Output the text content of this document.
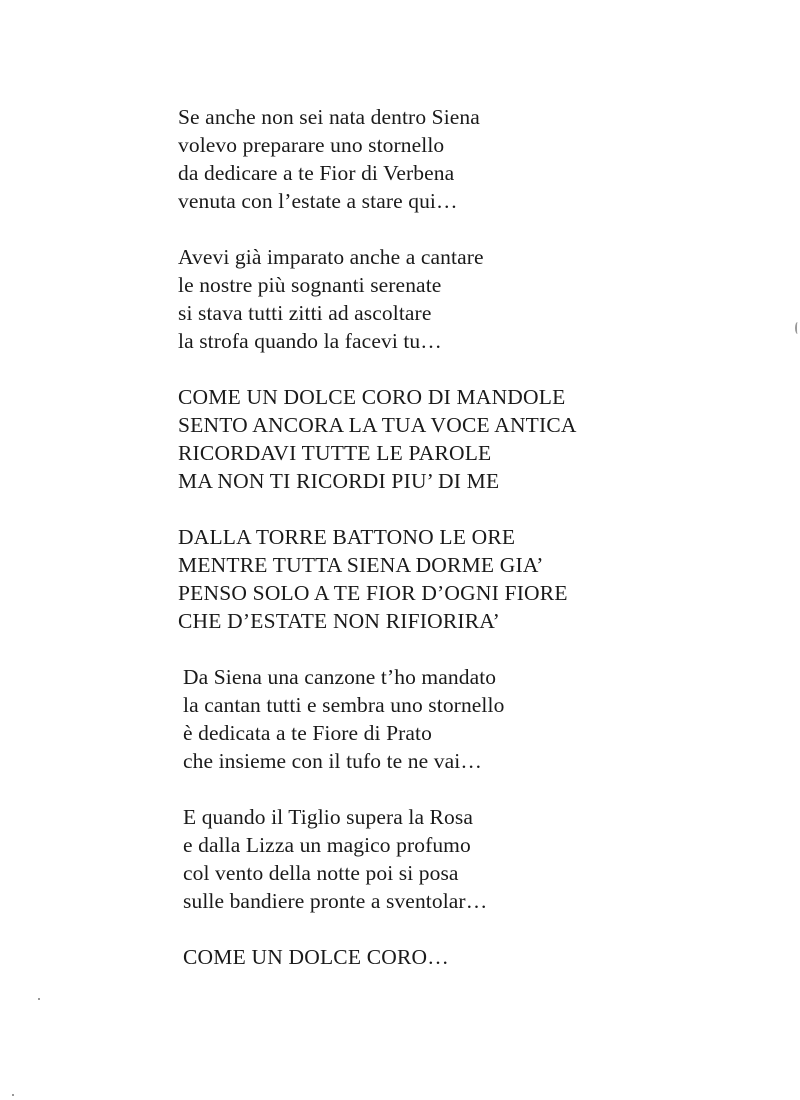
Se anche non sei nata dentro Siena
volevo preparare uno stornello
da dedicare a te Fior di Verbena
venuta con l’estate a stare qui…
Avevi già imparato anche a cantare
le nostre più sognanti serenate
si stava tutti zitti ad ascoltare
la strofa quando la facevi tu…
COME UN DOLCE CORO DI MANDOLE
SENTO ANCORA LA TUA VOCE ANTICA
RICORDAVI TUTTE LE PAROLE
MA NON TI RICORDI PIU’ DI ME
DALLA TORRE BATTONO LE ORE
MENTRE TUTTA SIENA DORME GIA’
PENSO SOLO A TE FIOR D’OGNI FIORE
CHE D’ESTATE NON RIFIORIRA’
Da Siena una canzone t’ho mandato
la cantan tutti e sembra uno stornello
è dedicata a te Fiore di Prato
che insieme con il tufo te ne vai…
E quando il Tiglio supera la Rosa
e dalla Lizza un magico profumo
col vento della notte poi si posa
sulle bandiere pronte a sventolar…
COME UN DOLCE CORO…
